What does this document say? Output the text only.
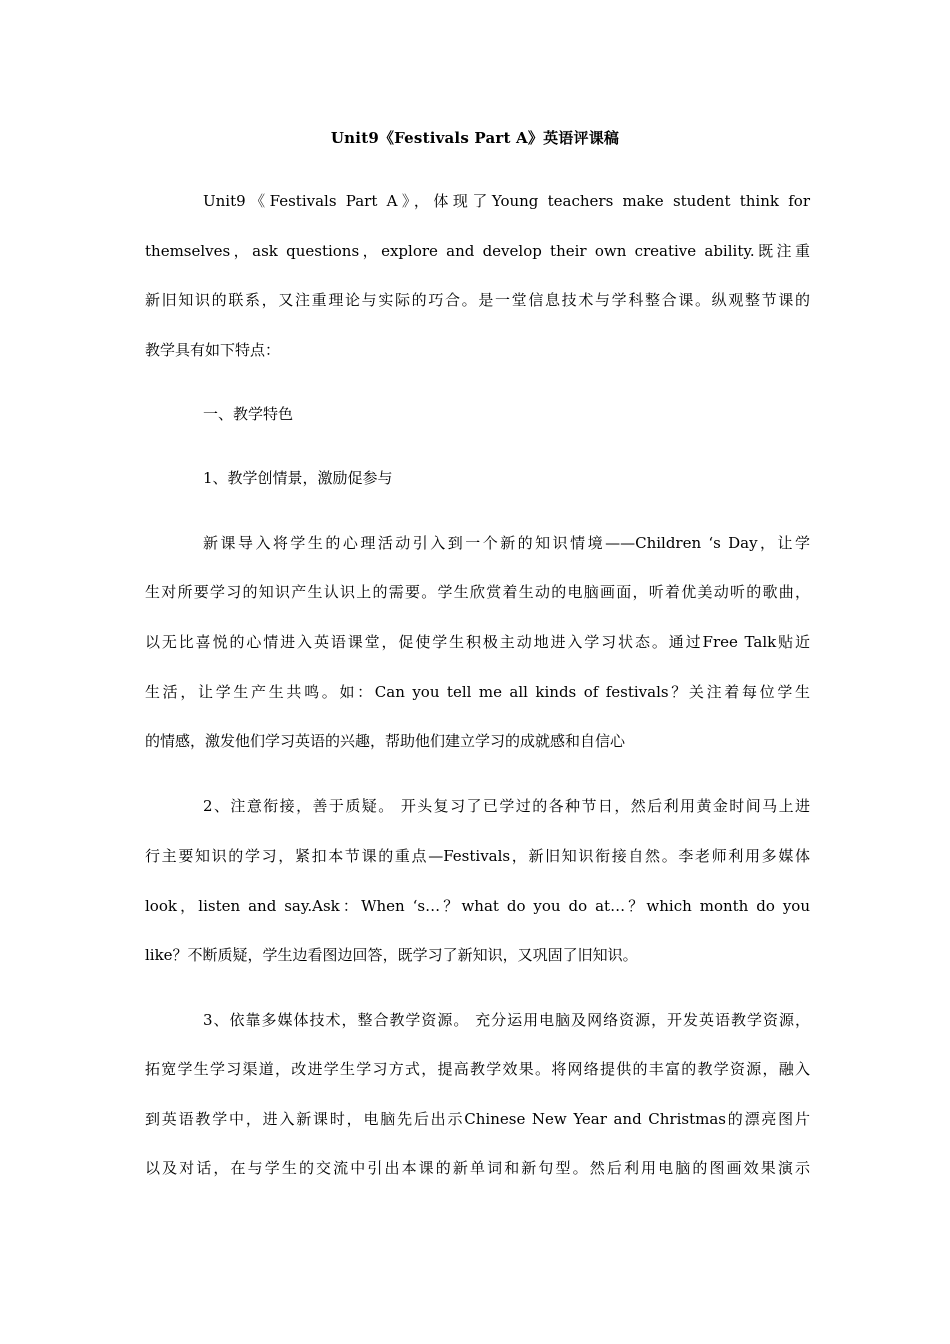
Unit9《Festivals Part A》英语评课稿
Unit9《Festivals Part A》，体现了Young teachers make student think for
themselves，ask questions，explore and develop their own creative ability.既注重
新旧知识的联系，又注重理论与实际的巧合。是一堂信息技术与学科整合课。纵观整节课的
教学具有如下特点：
一、教学特色
1、教学创情景，激励促参与
新课导入将学生的心理活动引入到一个新的知识情境——Children ‘s Day，让学
生对所要学习的知识产生认识上的需要。学生欣赏着生动的电脑画面，听着优美动听的歌曲，
以无比喜悦的心情进入英语课堂，促使学生积极主动地进入学习状态。通过Free Talk贴近
生活，让学生产生共鸣。如：Can you tell me all kinds of festivals？关注着每位学生
的情感，激发他们学习英语的兴趣，帮助他们建立学习的成就感和自信心
2、注意衔接，善于质疑。 开头复习了已学过的各种节日，然后利用黄金时间马上进
行主要知识的学习，紧扣本节课的重点—Festivals，新旧知识衔接自然。李老师利用多媒体
look，listen and say.Ask：When ‘s…？what do you do at…？which month do you
like？不断质疑，学生边看图边回答，既学习了新知识，又巩固了旧知识。
3、依靠多媒体技术，整合教学资源。 充分运用电脑及网络资源，开发英语教学资源，
拓宽学生学习渠道，改进学生学习方式，提高教学效果。将网络提供的丰富的教学资源，融入
到英语教学中，进入新课时，电脑先后出示Chinese New Year and Christmas的漂亮图片
以及对话，在与学生的交流中引出本课的新单词和新句型。然后利用电脑的图画效果演示
